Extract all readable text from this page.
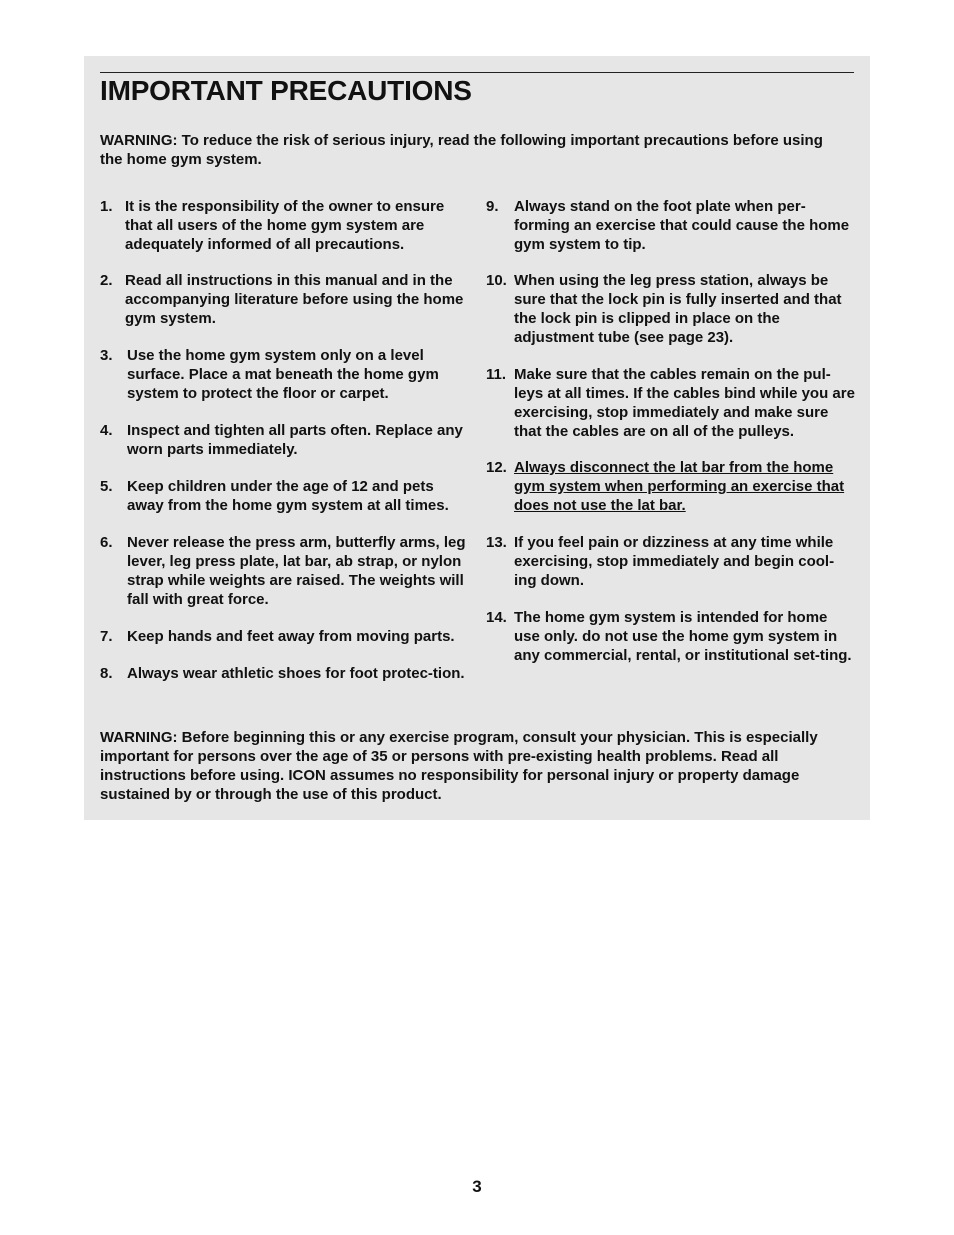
IMPORTANT PRECAUTIONS

WARNING: To reduce the risk of serious injury, read the following important precautions before using the home gym system.

1. It is the responsibility of the owner to ensure that all users of the home gym system are adequately informed of all precautions.

2. Read all instructions in this manual and in the accompanying literature before using the home gym system.

3. Use the home gym system only on a level surface. Place a mat beneath the home gym system to protect the floor or carpet.

4. Inspect and tighten all parts often. Replace any worn parts immediately.

5. Keep children under the age of 12 and pets away from the home gym system at all times.

6. Never release the press arm, butterfly arms, leg lever, leg press plate, lat bar, ab strap, or nylon strap while weights are raised. The weights will fall with great force.

7. Keep hands and feet away from moving parts.

8. Always wear athletic shoes for foot protec-tion.

9.	Always stand on the foot plate when per-forming an exercise that could cause the home gym system to tip.

10. When using the leg press station, always be sure that the lock pin is fully inserted and that the lock pin is clipped in place on the adjustment tube (see page 23).

11. Make sure that the cables remain on the pul-leys at all times. If the cables bind while you are exercising, stop immediately and make sure that the cables are on all of the pulleys.

12. Always disconnect the lat bar from the home gym system when performing an exercise that does not use the lat bar.

13. If you feel pain or dizziness at any time while exercising, stop immediately and begin cool-ing down.

14. The home gym system is intended for home use only. do not use the home gym system in any commercial, rental, or institutional set-ting.

WARNING: Before beginning this or any exercise program, consult your physician. This is especially important for persons over the age of 35 or persons with pre-existing health problems. Read all instructions before using. ICON assumes no responsibility for personal injury or property damage sustained by or through the use of this product.

3
